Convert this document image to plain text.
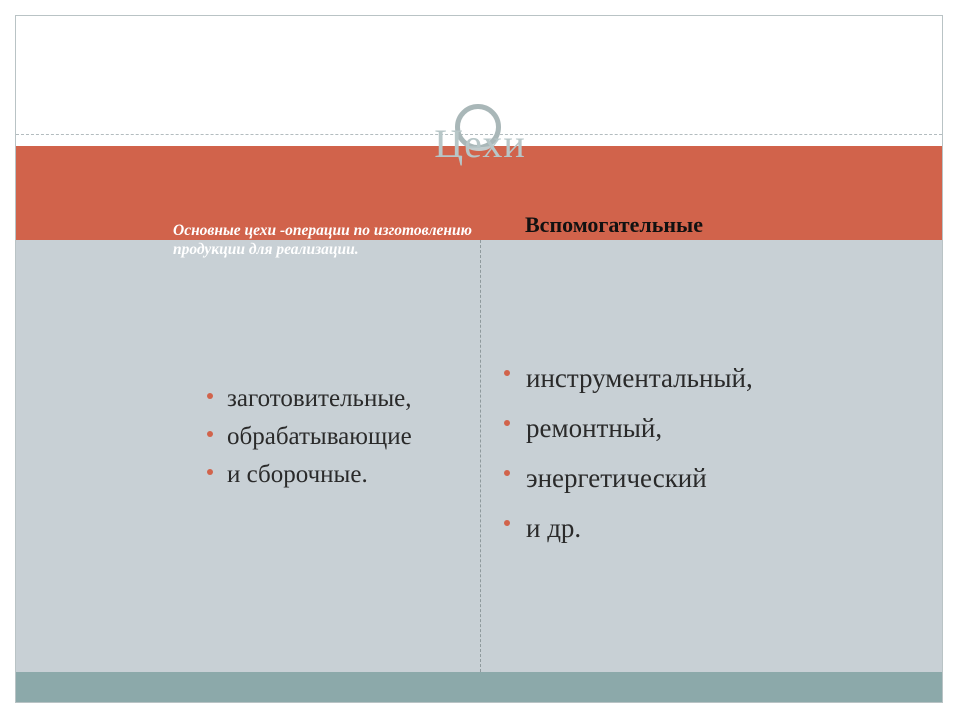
Цехи
Основные цехи -операции по изготовлению продукции для реализации.
Вспомогательные
заготовительные,
обрабатывающие
и сборочные.
инструментальный,
ремонтный,
энергетический
и др.
